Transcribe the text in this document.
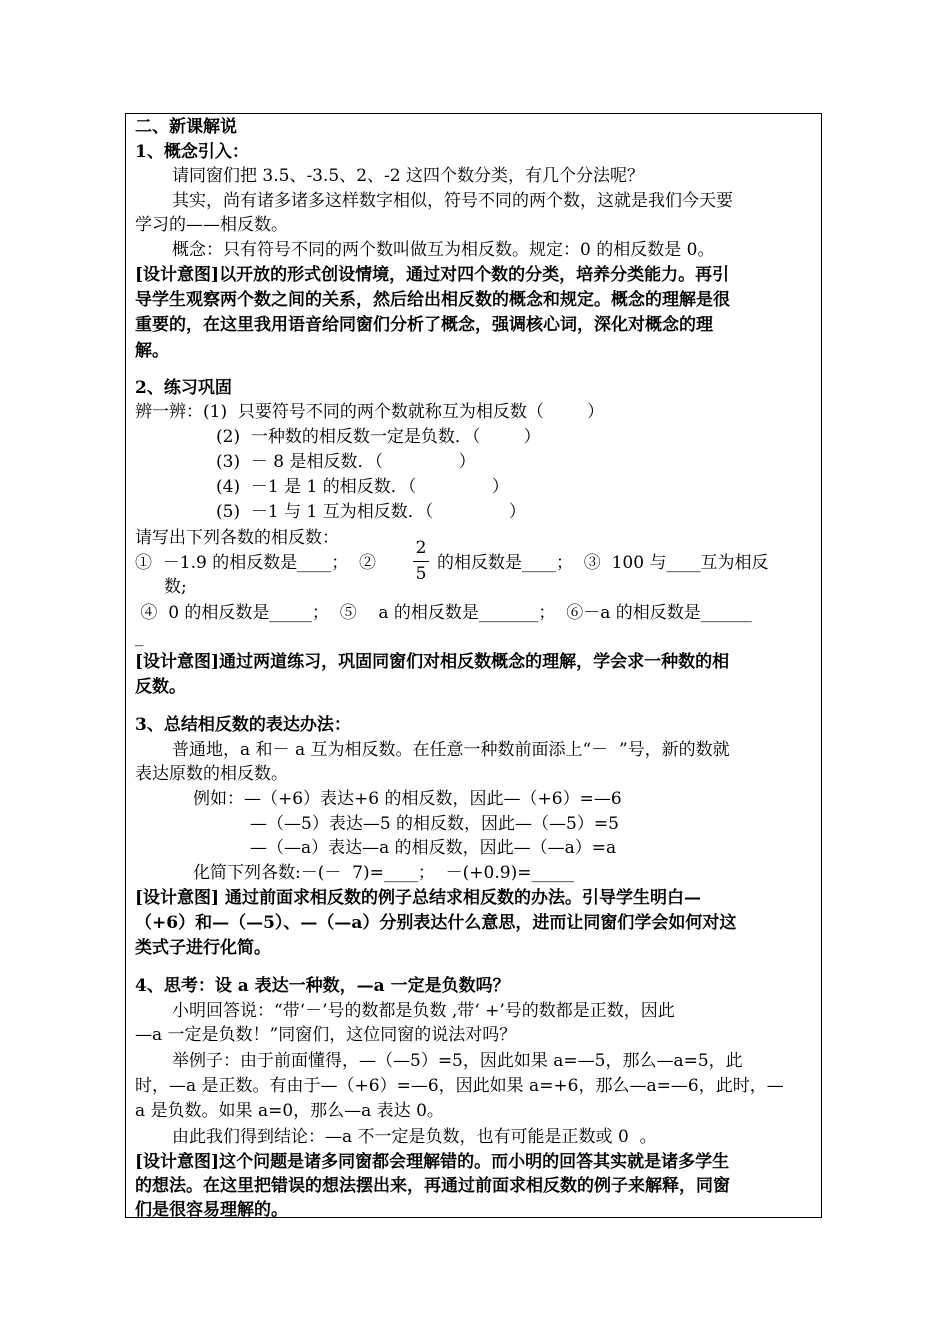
二、新课解说
1、概念引入：
请同窗们把 3.5、-3.5、2、-2 这四个数分类，有几个分法呢？
其实，尚有诸多诸多这样数字相似，符号不同的两个数，这就是我们今天要
学习的——相反数。
概念：只有符号不同的两个数叫做互为相反数。规定：0 的相反数是 0。
[设计意图]以开放的形式创设情境，通过对四个数的分类，培养分类能力。再引
导学生观察两个数之间的关系，然后给出相反数的概念和规定。概念的理解是很
重要的，在这里我用语音给同窗们分析了概念，强调核心词，深化对概念的理
解。
2、练习巩固
辨一辨：(1)  只要符号不同的两个数就称互为相反数（        ）
(2)  一种数的相反数一定是负数．（        ）
(3)  － 8 是相反数．（              ）
(4)  －1 是 1 的相反数．（              ）
(5)  －1 与 1 互为相反数．（              ）
请写出下列各数的相反数：
①  －1.9 的相反数是____；  ②
2
5
的相反数是____；  ③  100 与____互为相反
数;
④  0 的相反数是_____；  ⑤    a 的相反数是_______；  ⑥－a 的相反数是______
_
[设计意图]通过两道练习，巩固同窗们对相反数概念的理解，学会求一种数的相
反数。
3、总结相反数的表达办法：
普通地，a 和－ a 互为相反数。在任意一种数前面添上“－  ”号，新的数就
表达原数的相反数。
例如：—（+6）表达+6 的相反数，因此—（+6）=—6
—（—5）表达—5 的相反数，因此—（—5）=5
—（—a）表达—a 的相反数，因此—（—a）=a
化简下列各数:－(－  7)=____；  －(+0.9)=_____
[设计意图] 通过前面求相反数的例子总结求相反数的办法。引导学生明白—
（+6）和—（—5）、—（—a）分别表达什么意思，进而让同窗们学会如何对这
类式子进行化简。
4、思考：设 a 表达一种数，—a 一定是负数吗？
小明回答说：“带‘－’号的数都是负数 ,带‘ +’号的数都是正数，因此
—a 一定是负数！”同窗们，这位同窗的说法对吗？
举例子：由于前面懂得，—（—5）=5，因此如果 a=—5，那么—a=5，此
时，—a 是正数。有由于—（+6）=—6，因此如果 a=+6，那么—a=—6，此时，—
a 是负数。如果 a=0，那么—a 表达 0。
由此我们得到结论：—a 不一定是负数，也有可能是正数或 0  。
[设计意图]这个问题是诸多同窗都会理解错的。而小明的回答其实就是诸多学生
的想法。在这里把错误的想法摆出来，再通过前面求相反数的例子来解释，同窗
们是很容易理解的。
